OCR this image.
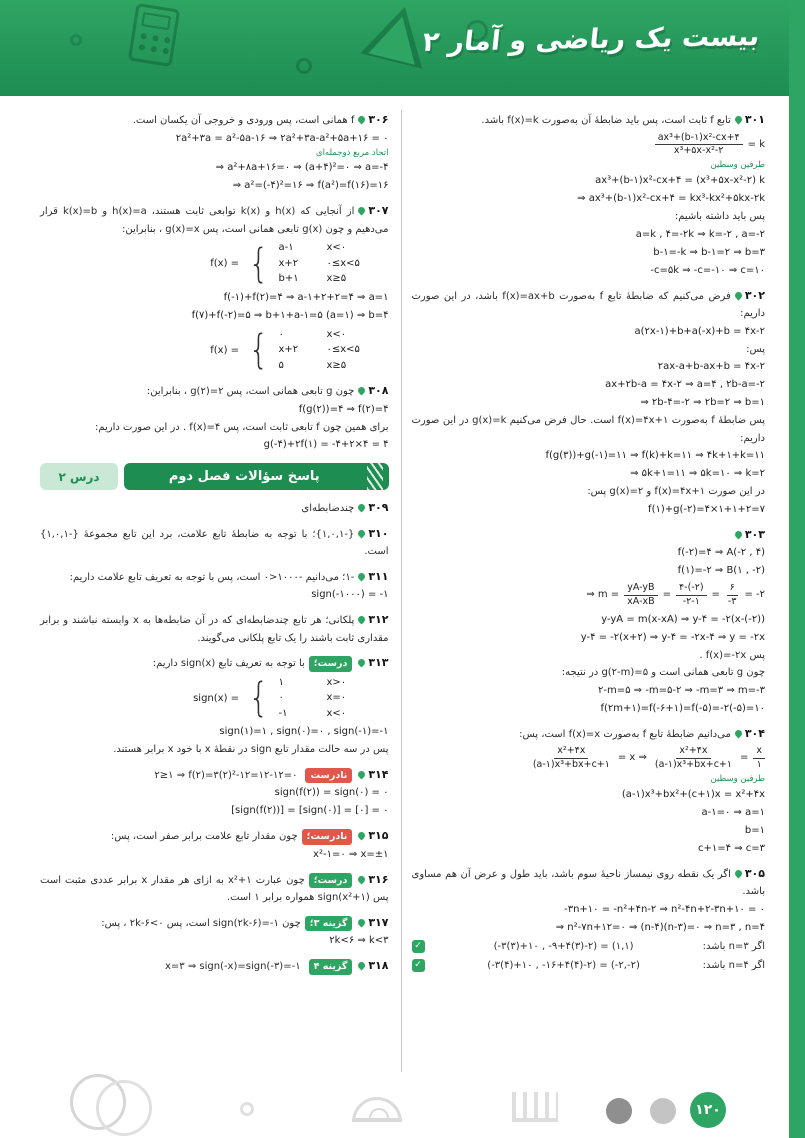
بیست یک ریاضی و آمار ۲
۳۰۱تابع f ثابت است، پس باید ضابطهٔ آن به‌صورت f(x)=k باشد.
$\frac{\text{ax³+(b-۱)x²-cx+۴}}{\text{x³+۵x-x²-۲}} = k$
طرفین وسطین
ax³+(b-۱)x²-cx+۴ = (x³+۵x-x²-۲) k
⇒ ax³+(b-۱)x²-cx+۴ = kx³-kx²+۵kx-۲k
پس باید داشته باشیم:
a=k , ۴=-۲k ⇒ k=-۲ , a=-۲
b-۱=-k ⇒ b-۱=۲ ⇒ b=۳
-c=۵k ⇒ -c=-۱۰ ⇒ c=۱۰
۳۰۲فرض می‌کنیم که ضابطهٔ تابع f به‌صورت f(x)=ax+b باشد، در این صورت داریم:
a(۲x-۱)+b+a(-x)+b = ۴x-۲
پس:
۲ax-a+b-ax+b = ۴x-۲
ax+۲b-a = ۴x-۲ ⇒ a=۴ , ۲b-a=-۲
⇒ ۲b-۴=-۲ ⇒ ۲b=۲ ⇒ b=۱
پس ضابطهٔ f به‌صورت f(x)=۴x+۱ است. حال فرض می‌کنیم g(x)=k در این صورت داریم:
f(g(۳))+g(-۱)=۱۱ ⇒ f(k)+k=۱۱ ⇒ ۴k+۱+k=۱۱
⇒ ۵k+۱=۱۱ ⇒ ۵k=۱۰ ⇒ k=۲
در این صورت f(x)=۴x+۱ و g(x)=۲ پس:
f(۱)+g(-۲)=۴×۱+۱+۲=۷
۳۰۳
f(-۲)=۴ ⇒ A(-۲ , ۴)
f(۱)=-۲ ⇒ B(۱ , -۲)
⇒ $m = \frac{yA-yB}{xA-xB} = \frac{۴-(-۲)}{-۲-۱} = \frac{۶}{-۳}$ = -۲
y-yA = m(x-xA) ⇒ y-۴ = -۲(x-(-۲))
y-۴ = -۲(x+۲) ⇒ y-۴ = -۲x-۴ ⇒ y = -۲x
پس f(x)=-۲x .
چون g تابعی همانی است و g(۲-m)=۵ در نتیجه:
۲-m=۵ ⇒ -m=۵-۲ ⇒ -m=۳ ⇒ m=-۳
f(۲m+۱)=f(-۶+۱)=f(-۵)=-۲(-۵)=۱۰
۳۰۴می‌دانیم ضابطهٔ تابع f به‌صورت f(x)=x است، پس:
$\frac{\text{x²+۴x}}{\text{(a-۱)x³+bx+c+۱}} = x$ ⇒ $\frac{\text{x²+۴x}}{\text{(a-۱)x³+bx+c+۱}} = \frac{x}{۱}$
طرفین وسطین
(a-۱)x³+bx²+(c+۱)x = x²+۴x
a-۱=۰ ⇒ a=۱
b=۱
c+۱=۴ ⇒ c=۳
۳۰۵اگر یک نقطه روی نیمساز ناحیهٔ سوم باشد، باید طول و عرض آن هم مساوی باشد.
-۳n+۱۰ = -n²+۴n-۲ ⇒ n²-۴n+۲-۳n+۱۰ = ۰
⇒ n²-۷n+۱۲=۰ ⇒ (n-۴)(n-۳)=۰ ⇒ n=۳ , n=۴
اگر n=۳ باشد:
(-۳(۳)+۱۰ , -۹+۴(۳)-۲) = (۱,۱)
✓
اگر n=۴ باشد:
(-۳(۴)+۱۰ , -۱۶+۴(۴)-۲) = (-۲,-۲)
✓
۳۰۶f همانی است، پس ورودی و خروجی آن یکسان است.
۲a²+۳a = a²-۵a-۱۶ ⇒ ۲a²+۳a-a²+۵a+۱۶ = ۰
اتحاد مربع دوجمله‌ای
⇒ a²+۸a+۱۶=۰ ⇒ (a+۴)²=۰ ⇒ a=-۴
⇒ a²=(-۴)²=۱۶ ⇒ f(a²)=f(۱۶)=۱۶
۳۰۷از آنجایی که h(x) و k(x) توابعی ثابت هستند، h(x)=a و k(x)=b قرار می‌دهیم و چون g(x) تابعی همانی است، پس g(x)=x ، بنابراین:
f(x) = { a-۱	x<۰
x+۲	۰≤x<۵
b+۱	x≥۵
f(-۱)+f(۲)=۴ ⇒ a-۱+۲+۲=۴ ⇒ a=۱
f(۷)+f(-۲)=۵ ⇒ b+۱+a-۱=۵ (a=۱) ⇒ b=۴
f(x) = { ۰	x<۰
x+۲	۰≤x<۵
۵	x≥۵
۳۰۸چون g تابعی همانی است، پس g(۲)=۲ ، بنابراین:
f(g(۲))=۴ ⇒ f(۲)=۴
برای همین چون f تابعی ثابت است، پس f(x)=۴ . در این صورت داریم:
g(-۴)+۲f(۱) = -۴+۲×۴ = ۴
پاسخ سؤالات فصل دوم
درس ۲
۳۰۹چندضابطه‌ای
۳۱۰{-۱,۰,۱}؛ با توجه به ضابطهٔ تابع علامت، برد این تابع مجموعهٔ {-۱,۰,۱} است.
۳۱۱-۱؛ می‌دانیم -۱۰۰۰<۰ است، پس با توجه به تعریف تابع علامت داریم:
sign(-۱۰۰۰) = -۱
۳۱۲پلکانی؛ هر تابع چندضابطه‌ای که در آن ضابطه‌ها به x وابسته نباشند و برابر مقداری ثابت باشند را یک تابع پلکانی می‌گویند.
۳۱۳درست؛با توجه به تعریف تابع sign(x) داریم:
sign(x) = { ۱	x>۰
۰	x=۰
-۱	x<۰
sign(۱)=۱ , sign(۰)=۰ , sign(-۱)=-۱
پس در سه حالت مقدار تابع sign در نقطهٔ x با خود x برابر هستند.
۳۱۴نادرست۲≥۱ ⇒ f(۲)=۳(۲)²-۱۲=۱۲-۱۲=۰
sign(f(۲)) = sign(۰) = ۰
[sign(f(۲))] = [sign(۰)] = [۰] = ۰
۳۱۵نادرست؛چون مقدار تابع علامت برابر صفر است، پس:
x²-۱=۰ ⇒ x=±۱
۳۱۶درست؛چون عبارت x²+۱ به ازای هر مقدار x برابر عددی مثبت است پس sign(x²+۱) همواره برابر ۱ است.
۳۱۷گزینه ۳؛چون sign(۲k-۶)=-۱ است، پس ۲k-۶<۰ ، پس:
۲k<۶ ⇒ k<۳
۳۱۸گزینه ۴x=۳ ⇒ sign(-x)=sign(-۳)=-۱
۱۲۰
